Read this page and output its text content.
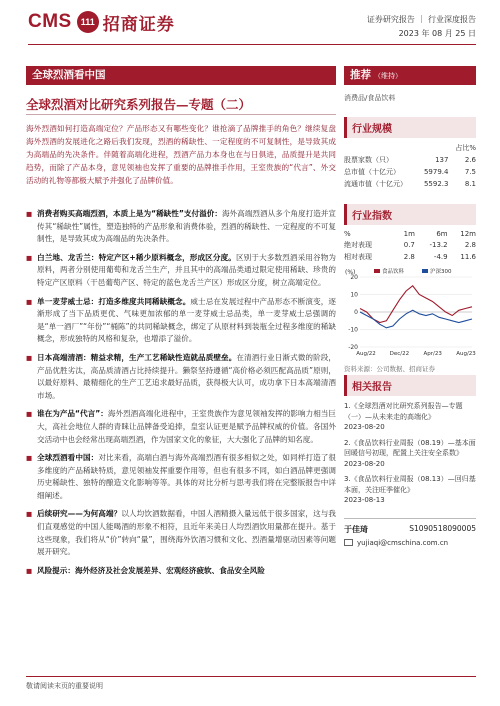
CMS 111 招商证券	证券研究报告 ｜ 行业深度报告
2023 年 08 月 25 日
全球烈酒看中国
全球烈酒对比研究系列报告—专题（二）
海外烈酒如何打造高端定位？产品形态又有哪些变化？谁抢滴了品牌推手的角色？继续复盘海外烈酒的发展进化之路后我们发现，烈酒的稀缺性、一定程度的不可复制性，是导致其成为高端品的先决条件。伴随着高端化进程，烈酒产品力本身也在与日俱进，品质提升是共同趋势，而除了产品本身，意见领袖也发挥了重要的品牌推手作用，王室贵族的“代言”、外交活动的礼物等都极大赋予并强化了品牌价值。
■ 消费者购买高端烈酒，本质上是为“稀缺性”支付溢价：海外高端烈酒从多个角度打造并宣传其“稀缺性”属性，塑造独特的产品形象和消费体验，烈酒的稀缺性、一定程度的不可复制性，是导致其成为高端品的先决条件。
■ 白兰地、龙舌兰：特定产区+稀少原料概念，形成区分度。区别于大多数烈酒采用谷物为原料，两者分别使用葡萄和龙舌兰生产，并且其中的高端品类通过限定使用稀缺、珍贵的特定产区原料（干邑葡萄产区、特定的蓝色龙舌兰产区）形成区分度，树立高端定位。
■ 单一麦芽威士忌：打造多维度共同稀缺概念。威士忌在发展过程中产品形态不断演变，逐渐形成了当下品质更优、气味更加浓郁的单一麦芽威士忌品类，单一麦芽威士忌强调的是“单一酒厂”“年份”“桶陈”的共同稀缺概念，绑定了从原材料到装瓶全过程多维度的稀缺概念，形成独特的风格和复杂，也增添了溢价。
■ 日本高端清酒：精益求精，生产工艺稀缺性造就品质壁垒。在清酒行业日渐式微的阶段，产品优胜劣汰，高品质清酒占比持续提升。獭祭坚持遵循“高价格必须匹配高品质”原则，以最好原料、最精细化的生产工艺追求最好品质，获得极大认可，成功拿下日本高端清酒市场。
■ 谁在为产品“代言”：海外烈酒高端化进程中，王室贵族作为意见领袖发挥的影响力相当巨大，高社会地位人群的青睐让品牌备受追捧，皇室认证更是赋予品牌权威的价值。各国外交活动中也会经常出现高端烈酒，作为国家文化的象征，大大强化了品牌的知名度。
■ 全球烈酒看中国：对比来看，高端白酒与海外高端烈酒有很多相似之处，如同样打造了很多维度的产品稀缺特质，意见领袖发挥重要作用等，但也有很多不同，如白酒品牌更强调历史稀缺性、独特的酿造文化影响等等。具体的对比分析与思考我们将在完整版报告中详细阐述。
■ 后续研究——为何高端？以人均饮酒数据看，中国人酒精摄入量远低于很多国家，这与我们直观感觉的中国人能喝酒的形象不相符，且近年来美日人均烈酒饮用量都在提升。基于这些现象，我们将从“价”转向“量”，围绕海外饮酒习惯和文化、烈酒量增驱动因素等问题展开研究。
■ 风险提示：海外经济及社会发展差异、宏观经济疲软、食品安全风险
推荐 （维持）
消费品/食品饮料
行业规模
		占比%
股票家数（只）	137	2.6
总市值（十亿元）	5979.4	7.5
流通市值（十亿元）	5592.3	8.1
行业指数
%	1m	6m	12m
绝对表现	0.7	-13.2	2.8
相对表现	2.8	-4.9	11.6
(%)
20
10
0
-10
-20
Aug/22	Dec/22	Apr/23	Aug/23
食品饮料	沪深300
资料来源：公司数据、招商证券
相关报告
1.《全球烈酒对比研究系列报告—专题（一）—从未来走的高端化》
2023-08-20
2.《食品饮料行业周报（08.19）—基本面回暖信号初现，配置上关注安全系数》
2023-08-20
3.《食品饮料行业周报（08.13）—回归基本面，关注旺季催化》
2023-08-13
于佳琦	S1090518090005
yujiaqi@cmschina.com.cn
敬请阅读末页的重要说明
